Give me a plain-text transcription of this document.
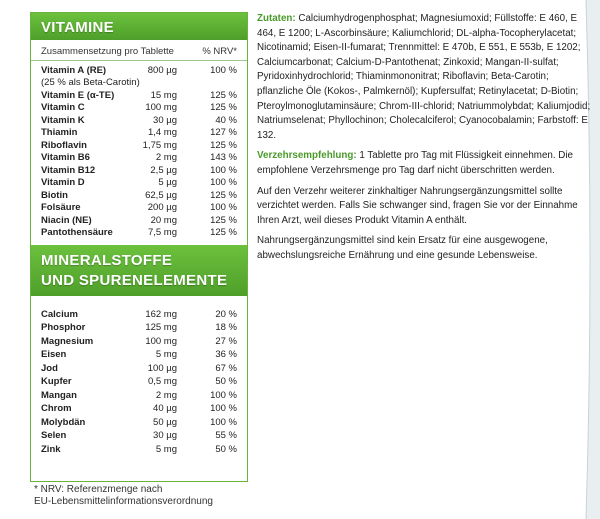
VITAMINE
Zusammensetzung pro Tablette	% NRV*
Vitamin A (RE)	800 µg	100 %
(25 % als Beta-Carotin)		
Vitamin E (α-TE)	15 mg	125 %
Vitamin C	100 mg	125 %
Vitamin K	30 µg	40 %
Thiamin	1,4 mg	127 %
Riboflavin	1,75 mg	125 %
Vitamin B6	2 mg	143 %
Vitamin B12	2,5 µg	100 %
Vitamin D	5 µg	100 %
Biotin	62,5 µg	125 %
Folsäure	200 µg	100 %
Niacin (NE)	20 mg	125 %
Pantothensäure	7,5 mg	125 %
MINERALSTOFFE
UND SPURENELEMENTE
Calcium	162 mg	20 %
Phosphor	125 mg	18 %
Magnesium	100 mg	27 %
Eisen	5 mg	36 %
Jod	100 µg	67 %
Kupfer	0,5 mg	50 %
Mangan	2 mg	100 %
Chrom	40 µg	100 %
Molybdän	50 µg	100 %
Selen	30 µg	55 %
Zink	5 mg	50 %
* NRV: Referenzmenge nach
EU-Lebensmittelinformationsverordnung

Zutaten: Calciumhydrogenphosphat; Magnesiumoxid; Füllstoffe: E 460, E 464, E 1200; L-Ascorbinsäure; Kaliumchlorid; DL-alpha-Tocopherylacetat; Nicotinamid; Eisen-II-fumarat; Trennmittel: E 470b, E 551, E 553b, E 1202; Calciumcarbonat; Calcium-D-Pantothenat; Zinkoxid; Mangan-II-sulfat; Pyridoxinhydrochlorid; Thiaminmononitrat; Riboflavin; Beta-Carotin; pflanzliche Öle (Kokos-, Palmkernöl); Kupfersulfat; Retinylacetat; D-Biotin; Pteroylmonoglutaminsäure; Chrom-III-chlorid; Natriummolybdat; Kaliumjodid; Natriumselenat; Phyllochinon; Cholecalciferol; Cyanocobalamin; Farbstoff: E 132.

Verzehrsempfehlung: 1 Tablette pro Tag mit Flüssigkeit einnehmen. Die empfohlene Verzehrsmenge pro Tag darf nicht überschritten werden.

Auf den Verzehr weiterer zinkhaltiger Nahrungsergänzungsmittel sollte verzichtet werden. Falls Sie schwanger sind, fragen Sie vor der Einnahme Ihren Arzt, weil dieses Produkt Vitamin A enthält.

Nahrungsergänzungsmittel sind kein Ersatz für eine ausgewogene, abwechslungsreiche Ernährung und eine gesunde Lebensweise.
